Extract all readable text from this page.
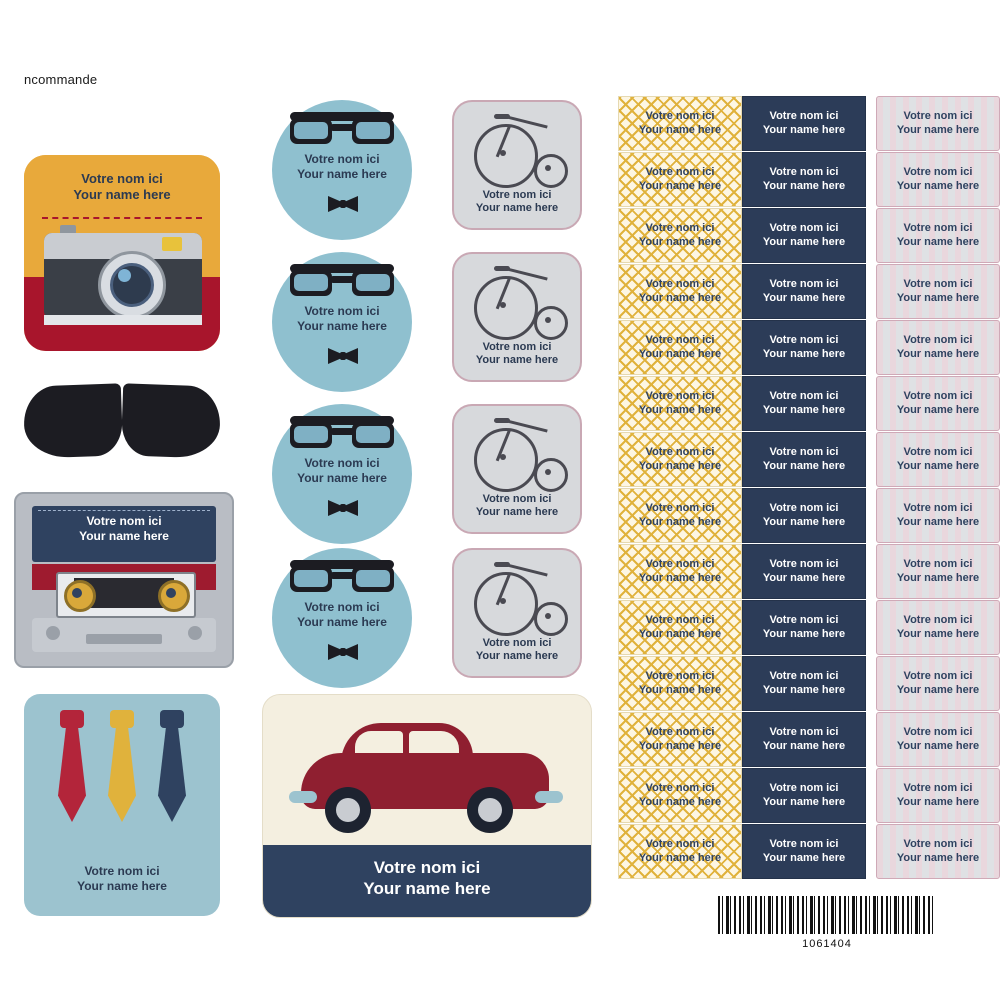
ncommande
Votre nom ici
Your name here
Votre nom ici
Your name here
Votre nom ici
Your name here
Votre nom ici
Your name here
Votre nom ici
Your name here
Votre nom ici
Your name here
Votre nom ici
Your name here
Votre nom ici
Your name here
Votre nom ici
Your name here
Votre nom ici
Your name here
Votre nom ici
Your name here
Votre nom ici
Your name here
Votre nom ici
Your name here
Votre nom ici
Your name here
Votre nom ici
Your name here
Votre nom ici
Your name here
Votre nom ici
Your name here
Votre nom ici
Your name here
Votre nom ici
Your name here
Votre nom ici
Your name here
Votre nom ici
Your name here
Votre nom ici
Your name here
Votre nom ici
Your name here
Votre nom ici
Your name here
Votre nom ici
Your name here
Votre nom ici
Your name here
Votre nom ici
Your name here
Votre nom ici
Your name here
Votre nom ici
Your name here
Votre nom ici
Your name here
Votre nom ici
Your name here
Votre nom ici
Your name here
Votre nom ici
Your name here
Votre nom ici
Your name here
Votre nom ici
Your name here
Votre nom ici
Your name here
Votre nom ici
Your name here
Votre nom ici
Your name here
Votre nom ici
Your name here
Votre nom ici
Your name here
Votre nom ici
Your name here
Votre nom ici
Your name here
Votre nom ici
Your name here
Votre nom ici
Your name here
Votre nom ici
Your name here
Votre nom ici
Your name here
Votre nom ici
Your name here
Votre nom ici
Your name here
Votre nom ici
Your name here
Votre nom ici
Your name here
Votre nom ici
Your name here
Votre nom ici
Your name here
Votre nom ici
Your name here
Votre nom ici
Your name here
1061404
